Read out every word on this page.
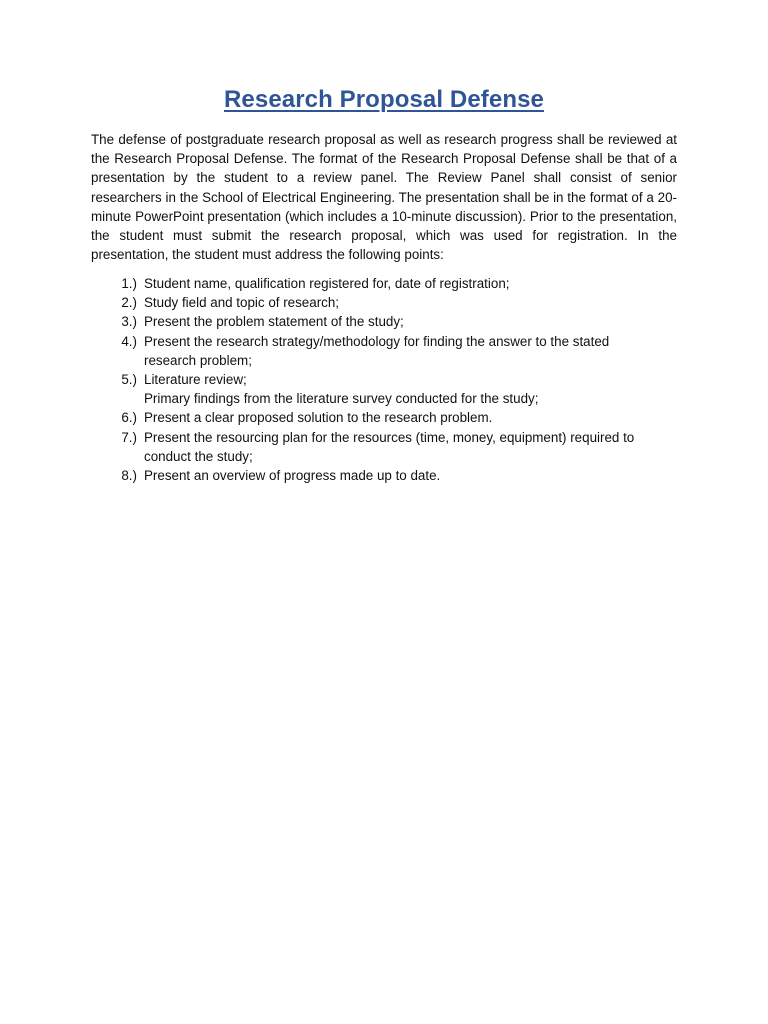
Research Proposal Defense

The defense of postgraduate research proposal as well as research progress shall be reviewed at the Research Proposal Defense. The format of the Research Proposal Defense shall be that of a presentation by the student to a review panel. The Review Panel shall consist of senior researchers in the School of Electrical Engineering. The presentation shall be in the format of a 20-minute PowerPoint presentation (which includes a 10-minute discussion). Prior to the presentation, the student must submit the research proposal, which was used for registration. In the presentation, the student must address the following points:

1.) Student name, qualification registered for, date of registration;
2.) Study field and topic of research;
3.) Present the problem statement of the study;
4.) Present the research strategy/methodology for finding the answer to the stated
research problem;
5.) Literature review;
Primary findings from the literature survey conducted for the study;
6.) Present a clear proposed solution to the research problem.
7.) Present the resourcing plan for the resources (time, money, equipment) required to
conduct the study;
8.) Present an overview of progress made up to date.
